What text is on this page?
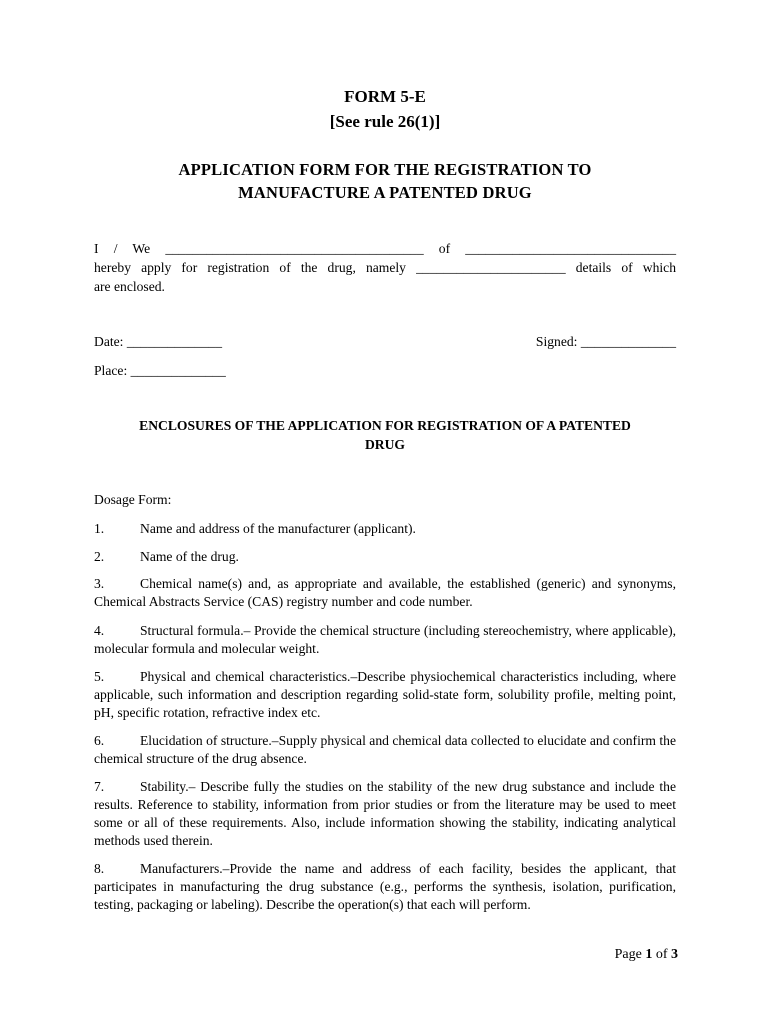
FORM 5-E
[See rule 26(1)]
APPLICATION FORM FOR THE REGISTRATION TO
MANUFACTURE A PATENTED DRUG
I / We ______________________________________ of _______________________________
hereby apply for registration of the drug, namely ______________________ details of which
are enclosed.
Date: ______________	Signed: ______________
Place: ______________
ENCLOSURES OF THE APPLICATION FOR REGISTRATION OF A PATENTED
DRUG
Dosage Form:
1.	Name and address of the manufacturer (applicant).
2.	Name of the drug.
3.	Chemical name(s) and, as appropriate and available, the established (generic) and synonyms, Chemical Abstracts Service (CAS) registry number and code number.
4.	Structural formula.– Provide the chemical structure (including stereochemistry, where applicable), molecular formula and molecular weight.
5.	Physical and chemical characteristics.–Describe physiochemical characteristics including, where applicable, such information and description regarding solid-state form, solubility profile, melting point, pH, specific rotation, refractive index etc.
6.	Elucidation of structure.–Supply physical and chemical data collected to elucidate and confirm the chemical structure of the drug absence.
7.	Stability.– Describe fully the studies on the stability of the new drug substance and include the results. Reference to stability, information from prior studies or from the literature may be used to meet some or all of these requirements. Also, include information showing the stability, indicating analytical methods used therein.
8.	Manufacturers.–Provide the name and address of each facility, besides the applicant, that participates in manufacturing the drug substance (e.g., performs the synthesis, isolation, purification, testing, packaging or labeling). Describe the operation(s) that each will perform.
Page 1 of 3
